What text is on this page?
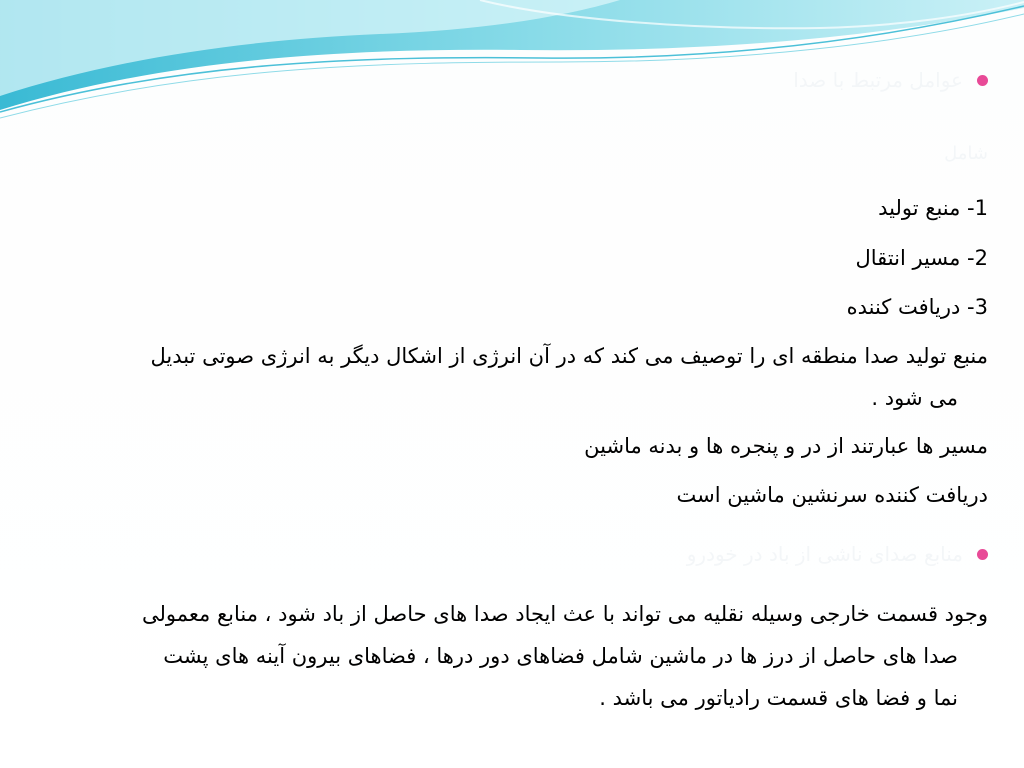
عوامل مرتبط با صدا
شامل
1- منبع تولید
2- مسیر انتقال
3- دریافت کننده
منبع تولید صدا منطقه ای را توصیف می کند که در آن انرژی از اشکال دیگر به انرژی صوتی تبدیل
می شود .
مسیر ها عبارتند از در و پنجره ها و بدنه ماشین
دریافت کننده سرنشین ماشین است
منابع صدای ناشی از باد در خودرو
وجود قسمت خارجی وسیله نقلیه می تواند با عث ایجاد صدا های حاصل از باد شود ، منابع معمولی
صدا های حاصل از درز ها در ماشین شامل فضاهای دور درها ، فضاهای بیرون آینه های پشت
نما و فضا های قسمت رادیاتور می باشد .
